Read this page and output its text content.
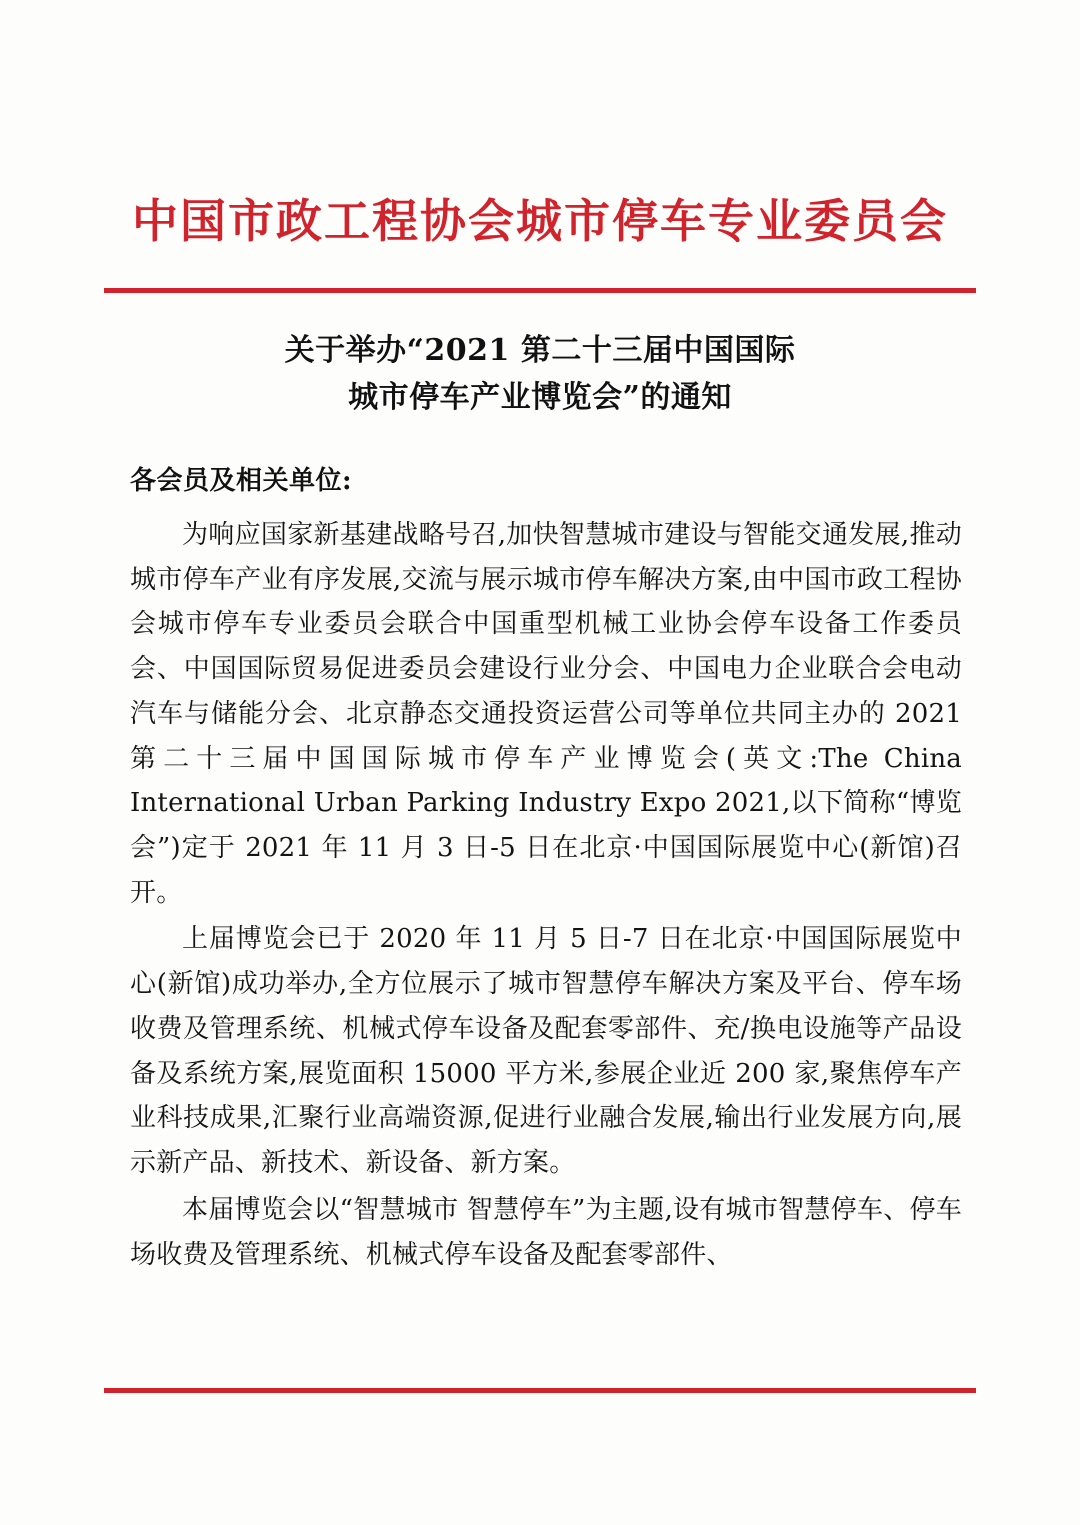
中国市政工程协会城市停车专业委员会
关于举办“2021 第二十三届中国国际
城市停车产业博览会”的通知
各会员及相关单位:

为响应国家新基建战略号召,加快智慧城市建设与智能交通发展,推动城市停车产业有序发展,交流与展示城市停车解决方案,由中国市政工程协会城市停车专业委员会联合中国重型机械工业协会停车设备工作委员会、中国国际贸易促进委员会建设行业分会、中国电力企业联合会电动汽车与储能分会、北京静态交通投资运营公司等单位共同主办的 2021 第二十三届中国国际城市停车产业博览会(英文:The China International Urban Parking Industry Expo 2021,以下简称“博览会”)定于 2021 年 11 月 3 日-5 日在北京·中国国际展览中心(新馆)召开。

上届博览会已于 2020 年 11 月 5 日-7 日在北京·中国国际展览中心(新馆)成功举办,全方位展示了城市智慧停车解决方案及平台、停车场收费及管理系统、机械式停车设备及配套零部件、充/换电设施等产品设备及系统方案,展览面积 15000 平方米,参展企业近 200 家,聚焦停车产业科技成果,汇聚行业高端资源,促进行业融合发展,输出行业发展方向,展示新产品、新技术、新设备、新方案。

本届博览会以“智慧城市 智慧停车”为主题,设有城市智慧停车、停车场收费及管理系统、机械式停车设备及配套零部件、
